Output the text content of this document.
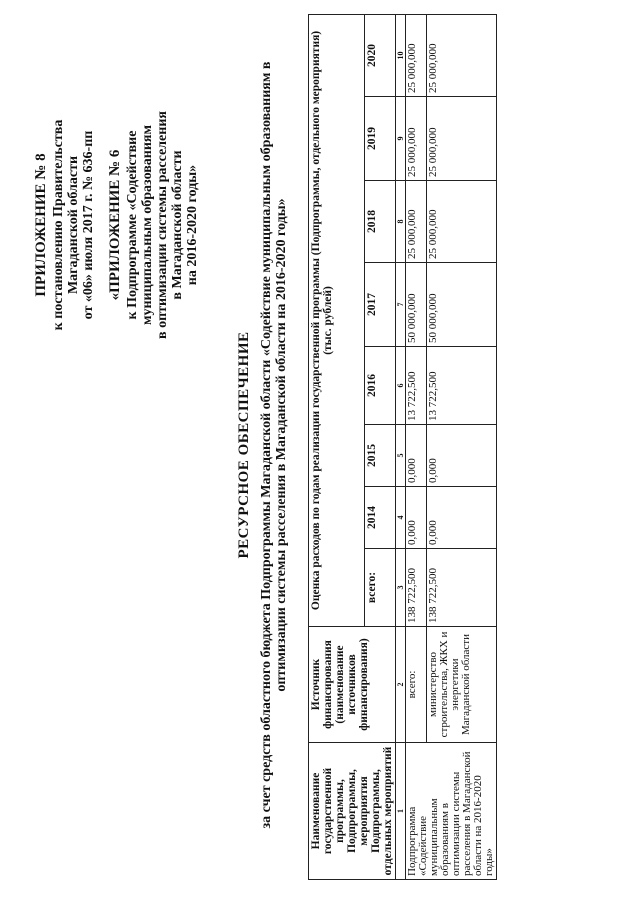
ПРИЛОЖЕНИЕ № 8 к постановлению Правительства Магаданской области от «06» июля 2017 г. № 636-пп «ПРИЛОЖЕНИЕ № 6 к Подпрограмме «Содействие муниципальным образованиям в оптимизации системы расселения в Магаданской области на 2016-2020 годы»
РЕСУРСНОЕ ОБЕСПЕЧЕНИЕ за счет средств областного бюджета Подпрограммы Магаданской области «Содействие муниципальным образованиям в оптимизации системы расселения в Магаданской области на 2016-2020 годы»
Наименование государственной программы, Подпрограммы, мероприятия Подпрограммы, отдельных мероприятий	Источник финансирования (наименование источников финансирования)	Оценка расходов по годам реализации государственной программы (Подпрограммы, отдельного мероприятия) (тыс. рублей)							
		всего:	2014	2015	2016	2017	2018	2019	2020
1	2	3	4	5	6	7	8	9	10
Подпрограмма «Содействие муниципальным образованиям в оптимизации системы расселения в Магаданской области на 2016-2020 годы»	всего:	138 722,500	0,000	0,000	13 722,500	50 000,000	25 000,000	25 000,000	25 000,000
	министерство строительства, ЖКХ и энергетики Магаданской области	138 722,500	0,000	0,000	13 722,500	50 000,000	25 000,000	25 000,000	25 000,000
